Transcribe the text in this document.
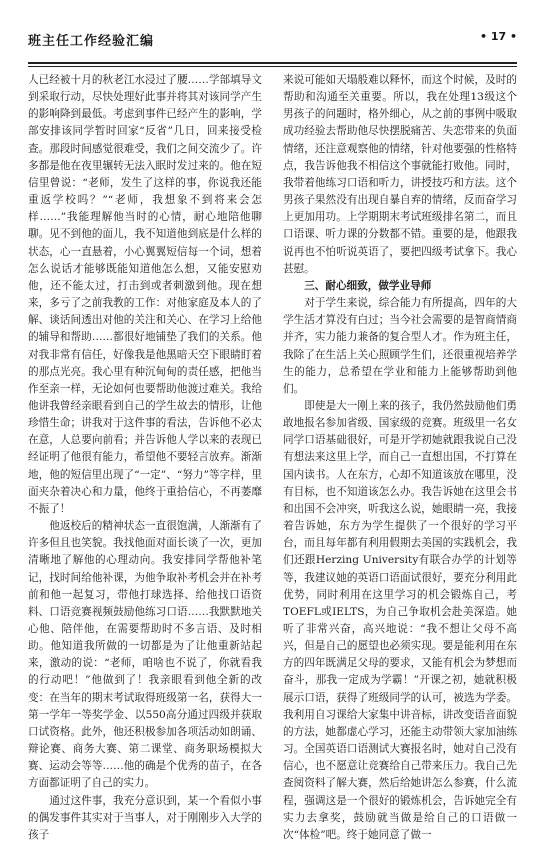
班主任工作经验汇编	• 17 •

人已经被十月的秋老江水浸过了腰……学部填导文到采取行动，尽快处理好此事并将其对该同学产生的影响降到最低。考虑到事件已经产生的影响，学部安排该同学暂时回家“反省”几日，回来接受检查。那段时间感觉很难受，我们之间交流少了。许多都是他在夜里辗转无法入眠时发过来的。他在短信里曾说：“老师，发生了这样的事，你说我还能重返学校吗？”“老师，我想象不到将来会怎样……”我能理解他当时的心情，耐心地陪他聊聊。见不到他的面儿，我不知道他到底是什么样的状态，心一直悬着，小心翼翼短信每一个词，想着怎么说话才能够既能知道他怎么想，又能安慰劝他，还不能太过，打击到或者刺激到他。现在想来，多亏了之前我教的工作：对他家庭及本人的了解、谈话间透出对他的关注和关心、在学习上给他的辅导和帮助……都很好地铺垫了我们的关系。他对我非常有信任，好像我是他黑暗天空下眼睛盯着的那点光亮。我心里有种沉甸甸的责任感，把他当作至亲一样，无论如何也要帮助他渡过难关。我给他讲我曾经亲眼看到自己的学生故去的情形，让他珍惜生命；讲我对于这件事的看法，告诉他不必太在意，人总要向前看；并告诉他人学以来的表现已经证明了他很有能力，希望他不要轻言放弃。渐渐地，他的短信里出现了“一定”、“努力”等字样，里面夹杂着决心和力量，他终于重拾信心，不再萎靡不振了！

他返校后的精神状态一直很饱满，人渐渐有了许多但且也笑貌。我找他面对面长谈了一次，更加清晰地了解他的心理动向。我安排同学帮他补笔记，找时间给他补课，为他争取补考机会并在补考前和他一起复习，带他打球选择、给他找口语资料、口语竞赛视频鼓励他练习口语……我默默地关心他、陪伴他，在需要帮助时不多言语、及时相助。他知道我所做的一切都是为了让他重新站起来，激动的说：“老师，咱啥也不说了，你就看我的行动吧！”他做到了！我亲眼看到他全新的改变：在当年的期末考试取得班级第一名，获得大一第一学年一等奖学金、以550高分通过四级并获取口试资格。此外，他还积极参加各项活动如朗诵、辩论赛、商务大赛、第二课堂、商务职场模拟大赛、运动会等等……他的确是个优秀的苗子，在各方面都证明了自己的实力。

通过这件事，我充分意识到，某一个看似小事的偶发事件其实对于当事人，对于刚刚步入大学的孩子

来说可能如天塌般难以释怀，而这个时候，及时的帮助和沟通至关重要。所以，我在处理13级这个男孩子的问题时，格外细心，从之前的事例中吸取成功经验去帮助他尽快摆脱痛苦、失恋带来的负面情绪，还注意观察他的情绪，针对他要强的性格特点，我告诉他我不相信这个事就能打败他。同时，我带着他练习口语和听力，讲授技巧和方法。这个男孩子果然没有出现自暴自弃的情绪，反而奋学习上更加用功。上学期期末考试班级排名第二，而且口语课、听力课的分数都不错。重要的是，他跟我说再也不怕听说英语了，要把四级考试拿下。我心甚慰。

三、耐心细致，做学业导师

对于学生来说，综合能力有所提高，四年的大学生活才算没有白过；当今社会需要的是智商情商并齐，实力能力兼备的复合型人才。作为班主任，我除了在生活上关心照顾学生们，还很重视培养学生的能力，总希望在学业和能力上能够帮助到他们。

即使是大一刚上来的孩子，我仍然鼓励他们勇敢地报名参加省级、国家级的竞赛。班级里一名女同学口语基础很好，可是开学初她就跟我说自己没有想法来这里上学，而自己一直想出国，不打算在国内读书。人在东方，心却不知道该放在哪里，没有目标，也不知道该怎么办。我告诉她在这里会书和出国不会冲突，听我这么说，她眼睛一亮，我接着告诉她，东方为学生提供了一个很好的学习平台，而且每年都有利用假期去美国的实践机会，我们还跟Herzing University有联合办学的计划等等，我建议她的英语口语面试很好，要充分利用此优势，同时利用在这里学习的机会锻炼自己，考TOEFL或IELTS，为自己争取机会赴美深造。她听了非常兴奋，高兴地说：“我不想让父母不高兴，但是自己的愿望也必须实现。要是能利用在东方的四年既满足父母的要求，又能有机会为梦想而奋斗，那我一定成为学霸！”开课之初，她就积极展示口语，获得了班级同学的认可，被选为学委。我利用自习课给大家集中讲音标，讲改变语音面貌的方法，她都虚心学习，还能主动带领大家加油练习。全国英语口语测试大赛报名时，她对自己没有信心，也不愿意让竞赛给自己带来压力。我自己先查阅资料了解大赛，然后给她讲怎么参赛，什么流程，强调这是一个很好的锻炼机会，告诉她完全有实力去拿奖，鼓励就当做是给自己的口语做一次“体检”吧。终于她同意了做一
